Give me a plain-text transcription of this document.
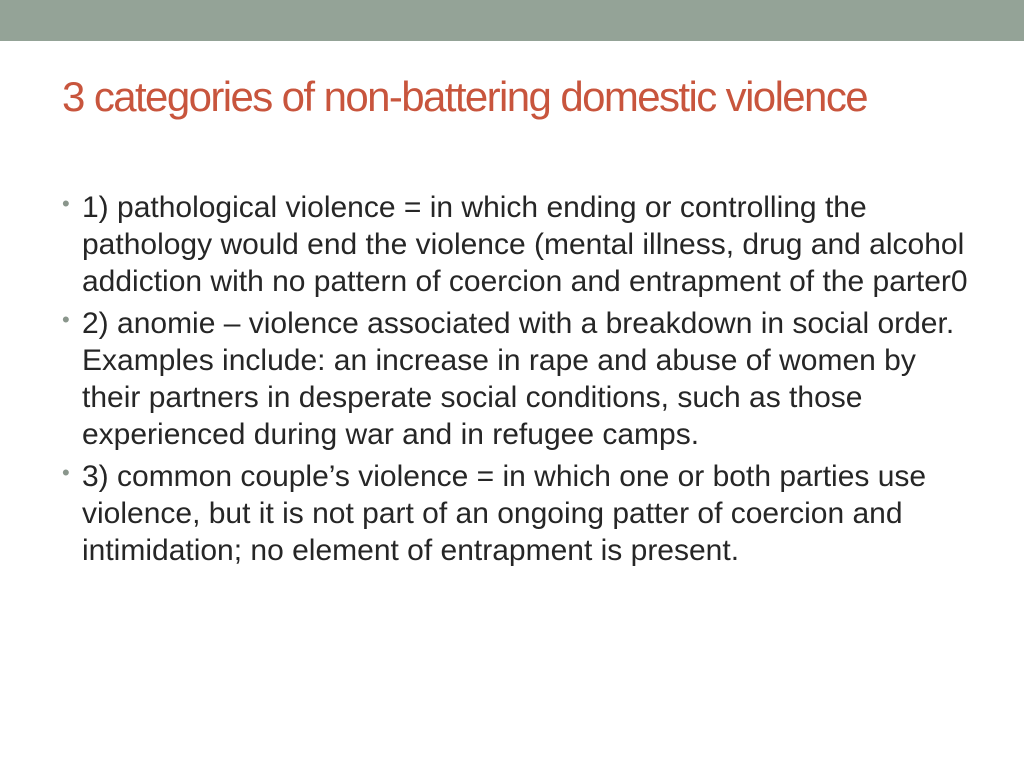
3 categories of non-battering domestic violence
• 1) pathological violence = in which ending or controlling the pathology would end the violence (mental illness, drug and alcohol addiction with no pattern of coercion and entrapment of the parter0
• 2) anomie – violence associated with a breakdown in social order. Examples include: an increase in rape and abuse of women by their partners in desperate social conditions, such as those experienced during war and in refugee camps.
• 3) common couple’s violence = in which one or both parties use violence, but it is not part of an ongoing patter of coercion and intimidation; no element of entrapment is present.
